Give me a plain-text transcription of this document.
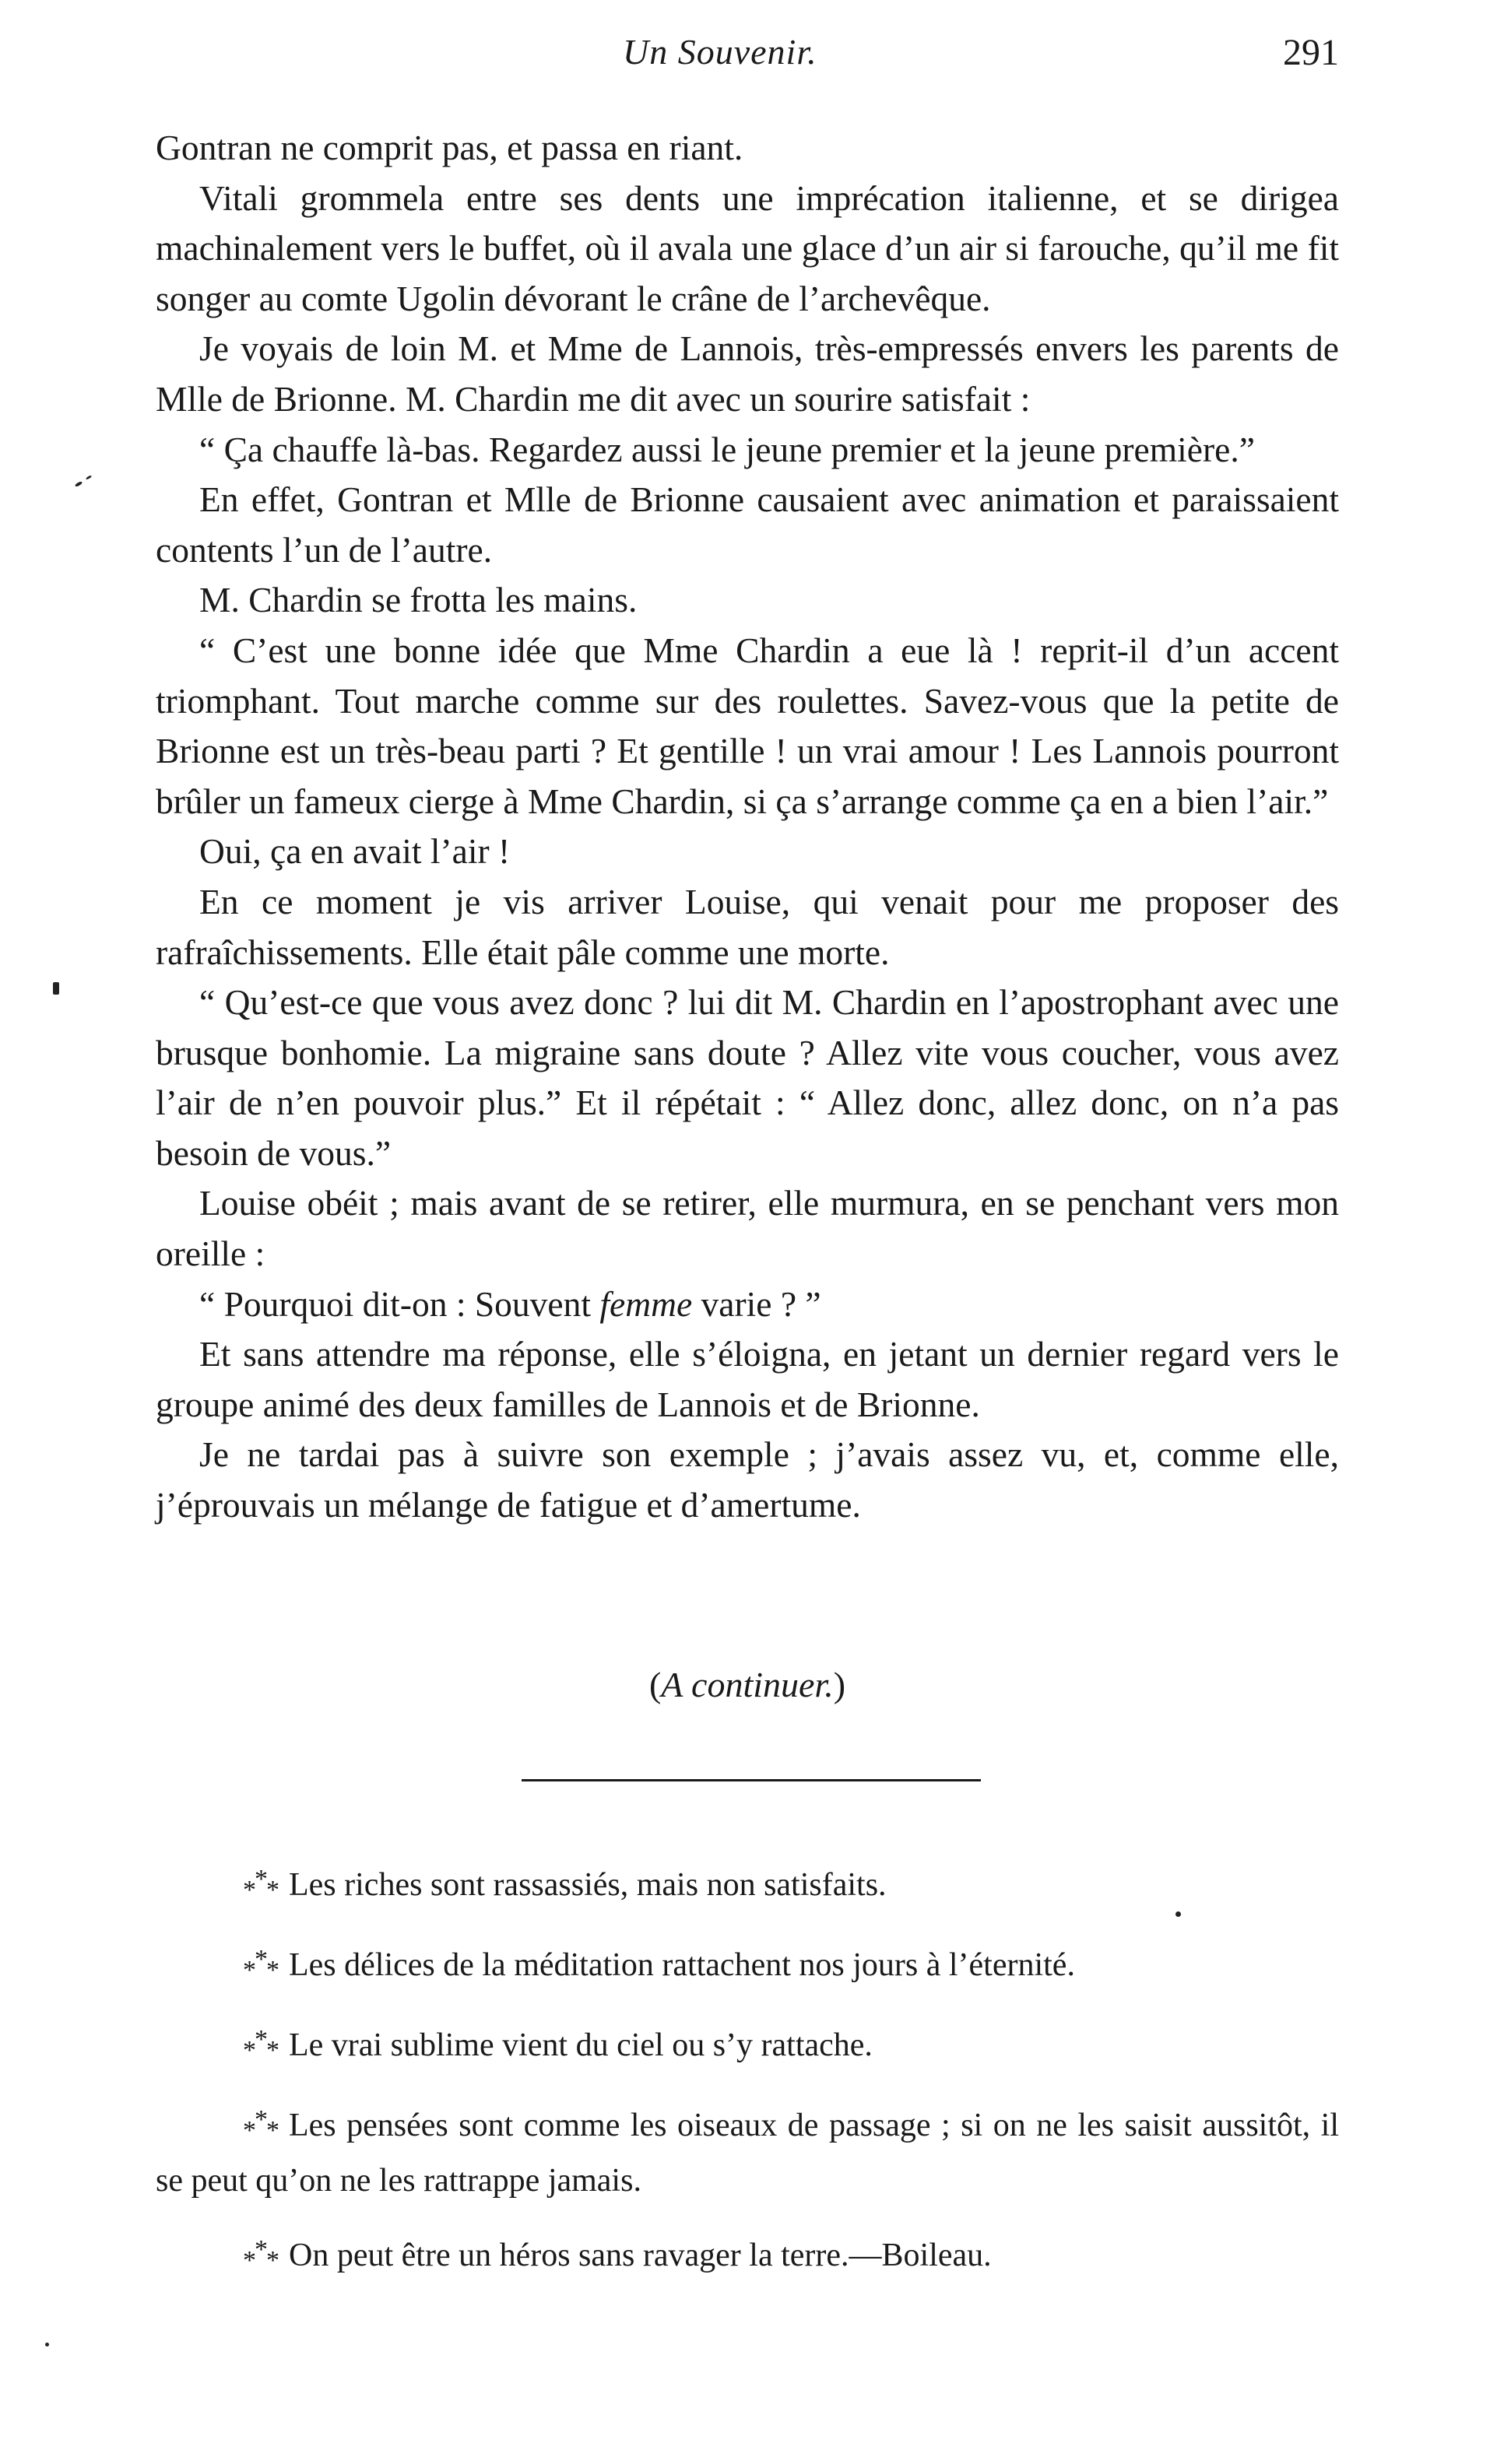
Un Souvenir.	291

Gontran ne comprit pas, et passa en riant.

Vitali grommela entre ses dents une imprécation italienne, et se dirigea machinalement vers le buffet, où il avala une glace d’un air si farouche, qu’il me fit songer au comte Ugolin dévorant le crâne de l’archevêque.

Je voyais de loin M. et Mme de Lannois, très-empressés envers les parents de Mlle de Brionne. M. Chardin me dit avec un sourire satisfait :

“ Ça chauffe là-bas. Regardez aussi le jeune premier et la jeune première.”

En effet, Gontran et Mlle de Brionne causaient avec animation et paraissaient contents l’un de l’autre.

M. Chardin se frotta les mains.

“ C’est une bonne idée que Mme Chardin a eue là ! reprit-il d’un accent triomphant. Tout marche comme sur des roulettes. Savez-vous que la petite de Brionne est un très-beau parti ? Et gentille ! un vrai amour ! Les Lannois pourront brûler un fameux cierge à Mme Chardin, si ça s’arrange comme ça en a bien l’air.”

Oui, ça en avait l’air !

En ce moment je vis arriver Louise, qui venait pour me proposer des rafraîchissements. Elle était pâle comme une morte.

“ Qu’est-ce que vous avez donc ? lui dit M. Chardin en l’apostrophant avec une brusque bonhomie. La migraine sans doute ? Allez vite vous coucher, vous avez l’air de n’en pouvoir plus.” Et il répétait : “ Allez donc, allez donc, on n’a pas besoin de vous.”

Louise obéit ; mais avant de se retirer, elle murmura, en se penchant vers mon oreille :

“ Pourquoi dit-on : Souvent femme varie ? ”

Et sans attendre ma réponse, elle s’éloigna, en jetant un dernier regard vers le groupe animé des deux familles de Lannois et de Brionne.

Je ne tardai pas à suivre son exemple ; j’avais assez vu, et, comme elle, j’éprouvais un mélange de fatigue et d’amertume.

(A continuer.)

*** Les riches sont rassassiés, mais non satisfaits.

*** Les délices de la méditation rattachent nos jours à l’éternité.

*** Le vrai sublime vient du ciel ou s’y rattache.

*** Les pensées sont comme les oiseaux de passage ; si on ne les saisit aussitôt, il se peut qu’on ne les rattrappe jamais.

*** On peut être un héros sans ravager la terre.—Boileau.
